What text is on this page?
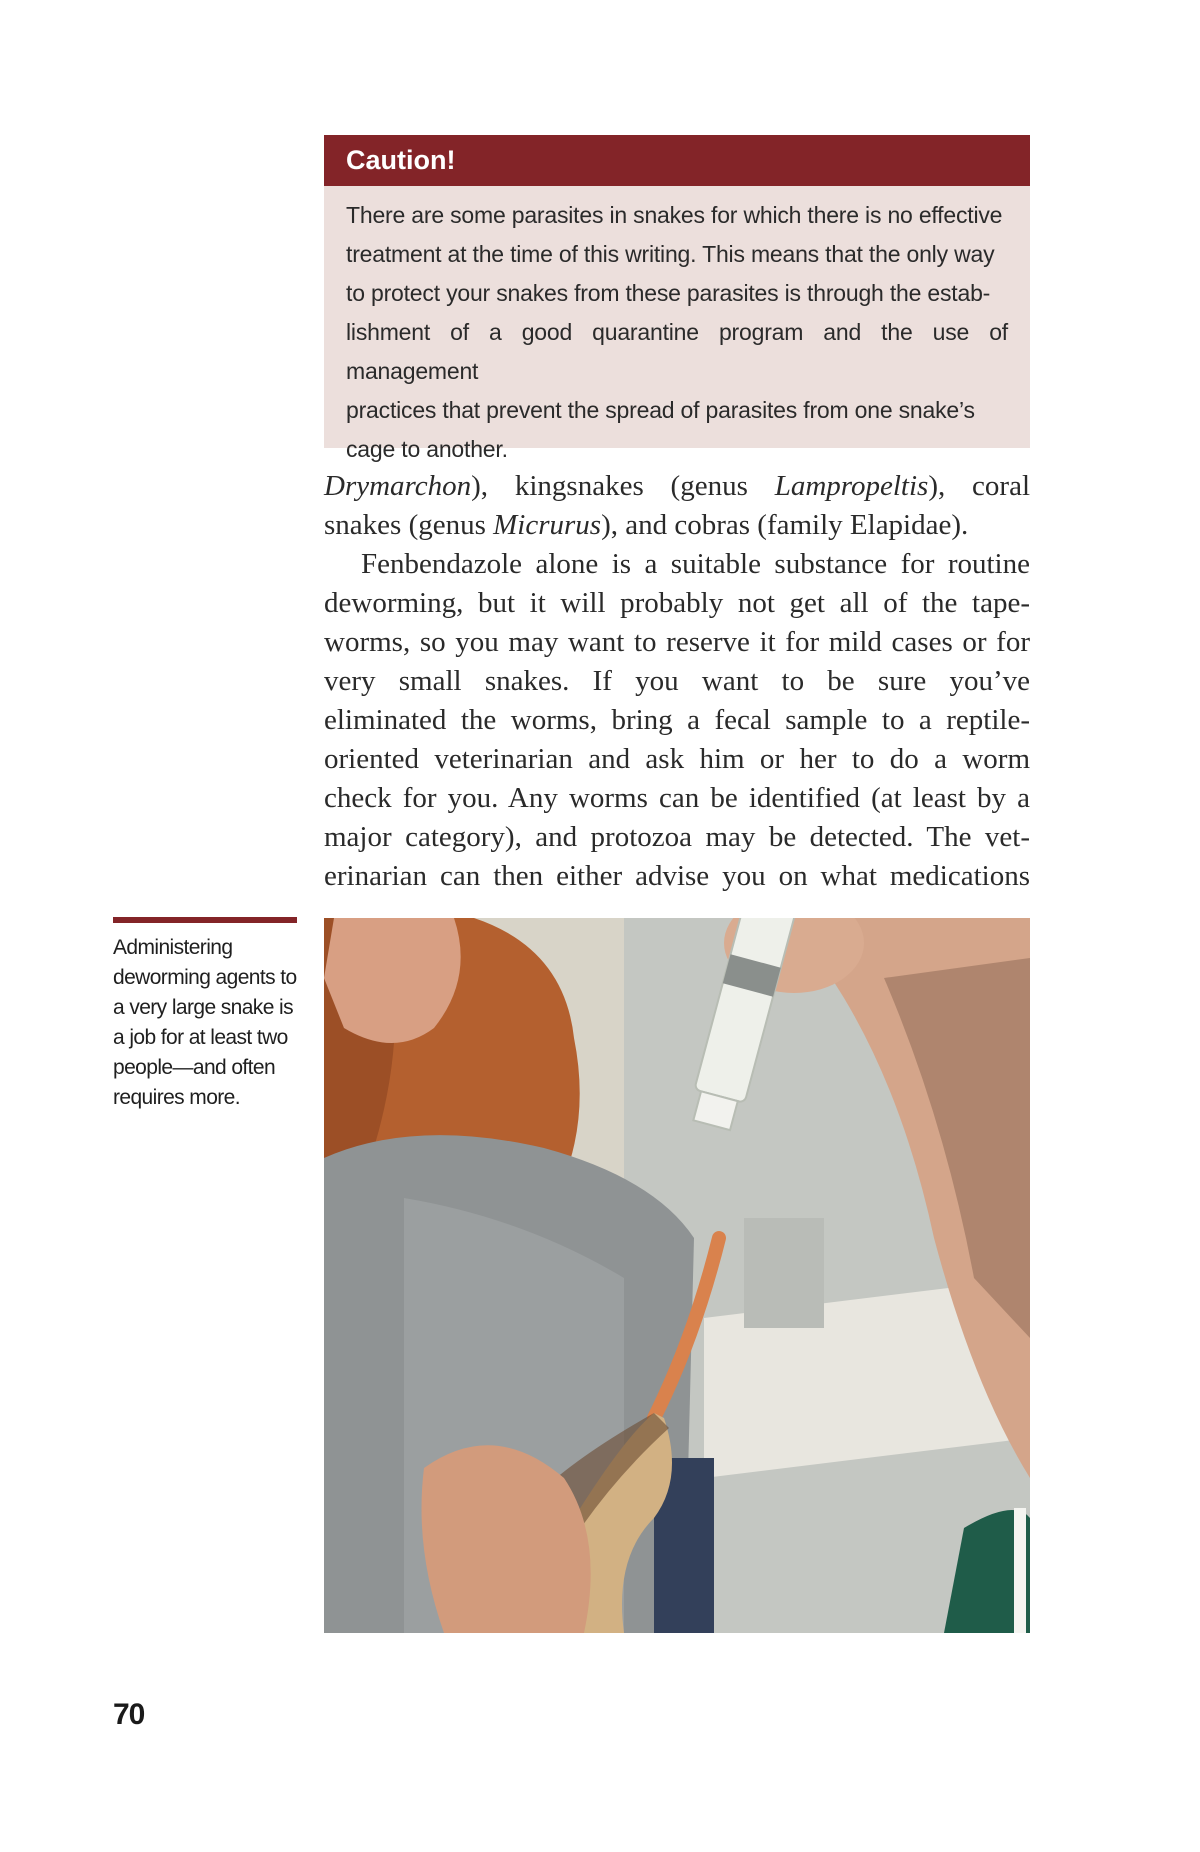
Caution!
There are some parasites in snakes for which there is no effective
treatment at the time of this writing. This means that the only way
to protect your snakes from these parasites is through the estab-
lishment of a good quarantine program and the use of management
practices that prevent the spread of parasites from one snake’s
cage to another.
Drymarchon), kingsnakes (genus Lampropeltis), coral
snakes (genus Micrurus), and cobras (family Elapidae).
Fenbendazole alone is a suitable substance for routine
deworming, but it will probably not get all of the tape-
worms, so you may want to reserve it for mild cases or for
very small snakes. If you want to be sure you’ve
eliminated the worms, bring a fecal sample to a reptile-
oriented veterinarian and ask him or her to do a worm
check for you. Any worms can be identified (at least by a
major category), and protozoa may be detected. The vet-
erinarian can then either advise you on what medications
Administering
deworming agents to
a very large snake is
a job for at least two
people—and often
requires more.
70
